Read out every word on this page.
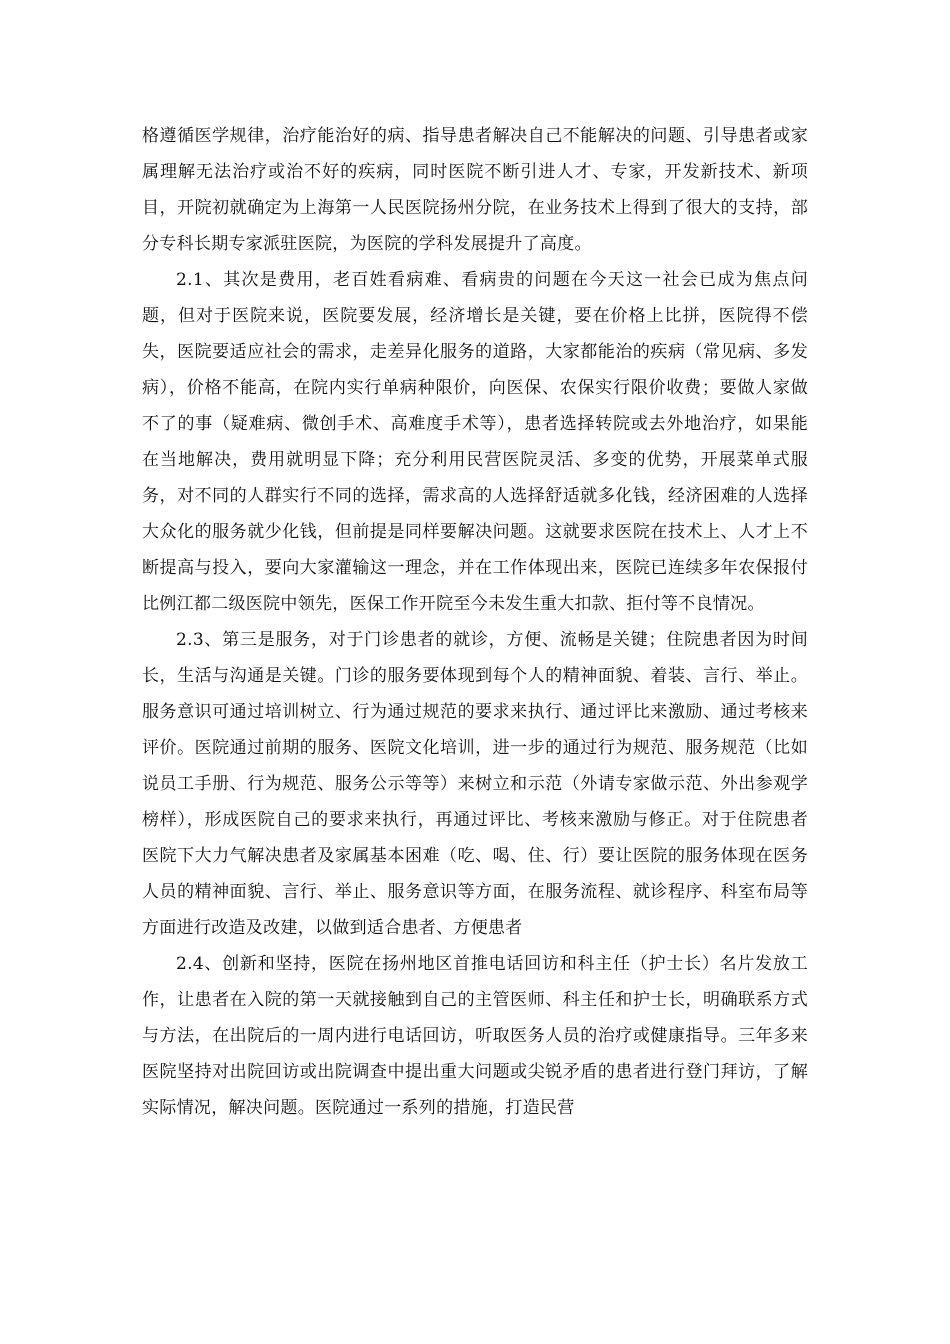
格遵循医学规律，治疗能治好的病、指导患者解决自己不能解决的问题、引导患者或家属理解无法治疗或治不好的疾病，同时医院不断引进人才、专家，开发新技术、新项目，开院初就确定为上海第一人民医院扬州分院，在业务技术上得到了很大的支持，部分专科长期专家派驻医院，为医院的学科发展提升了高度。

2.1、其次是费用，老百姓看病难、看病贵的问题在今天这一社会已成为焦点问题，但对于医院来说，医院要发展，经济增长是关键，要在价格上比拼，医院得不偿失，医院要适应社会的需求，走差异化服务的道路，大家都能治的疾病（常见病、多发病），价格不能高，在院内实行单病种限价，向医保、农保实行限价收费；要做人家做不了的事（疑难病、微创手术、高难度手术等），患者选择转院或去外地治疗，如果能在当地解决，费用就明显下降；充分利用民营医院灵活、多变的优势，开展菜单式服务，对不同的人群实行不同的选择，需求高的人选择舒适就多化钱，经济困难的人选择大众化的服务就少化钱，但前提是同样要解决问题。这就要求医院在技术上、人才上不断提高与投入，要向大家灌输这一理念，并在工作体现出来，医院已连续多年农保报付比例江都二级医院中领先，医保工作开院至今未发生重大扣款、拒付等不良情况。

2.3、第三是服务，对于门诊患者的就诊，方便、流畅是关键；住院患者因为时间长，生活与沟通是关键。门诊的服务要体现到每个人的精神面貌、着装、言行、举止。服务意识可通过培训树立、行为通过规范的要求来执行、通过评比来激励、通过考核来评价。医院通过前期的服务、医院文化培训，进一步的通过行为规范、服务规范（比如说员工手册、行为规范、服务公示等等）来树立和示范（外请专家做示范、外出参观学榜样），形成医院自己的要求来执行，再通过评比、考核来激励与修正。对于住院患者医院下大力气解决患者及家属基本困难（吃、喝、住、行）要让医院的服务体现在医务人员的精神面貌、言行、举止、服务意识等方面，在服务流程、就诊程序、科室布局等方面进行改造及改建，以做到适合患者、方便患者

2.4、创新和坚持，医院在扬州地区首推电话回访和科主任（护士长）名片发放工作，让患者在入院的第一天就接触到自己的主管医师、科主任和护士长，明确联系方式与方法，在出院后的一周内进行电话回访，听取医务人员的治疗或健康指导。三年多来医院坚持对出院回访或出院调查中提出重大问题或尖锐矛盾的患者进行登门拜访，了解实际情况，解决问题。医院通过一系列的措施，打造民营
